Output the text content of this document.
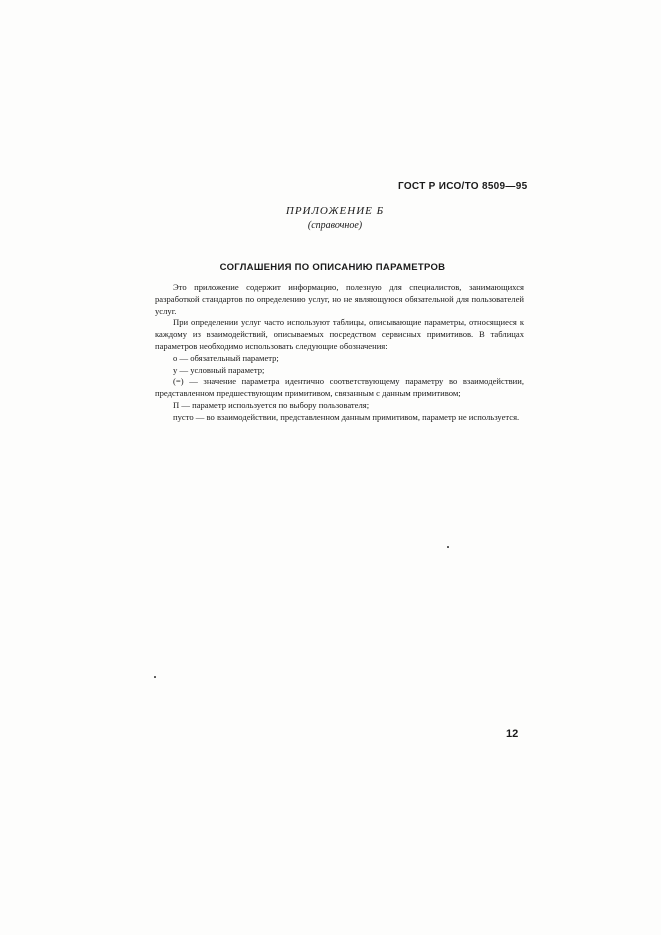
ГОСТ Р ИСО/ТО 8509—95
ПРИЛОЖЕНИЕ Б
(справочное)
СОГЛАШЕНИЯ ПО ОПИСАНИЮ ПАРАМЕТРОВ

Это приложение содержит информацию, полезную для специалистов, занимающихся разработкой стандартов по определению услуг, но не являющуюся обязательной для пользователей услуг.

При определении услуг часто используют таблицы, описывающие параметры, относящиеся к каждому из взаимодействий, описываемых посредством сервисных примитивов. В таблицах параметров необходимо использовать следующие обозначения:

о — обязательный параметр;

у — условный параметр;

(=) — значение параметра идентично соответствующему параметру во взаимодействии, представленном предшествующим примитивом, связанным с данным примитивом;

П — параметр используется по выбору пользователя;

пусто — во взаимодействии, представленном данным примитивом, параметр не используется.

12
